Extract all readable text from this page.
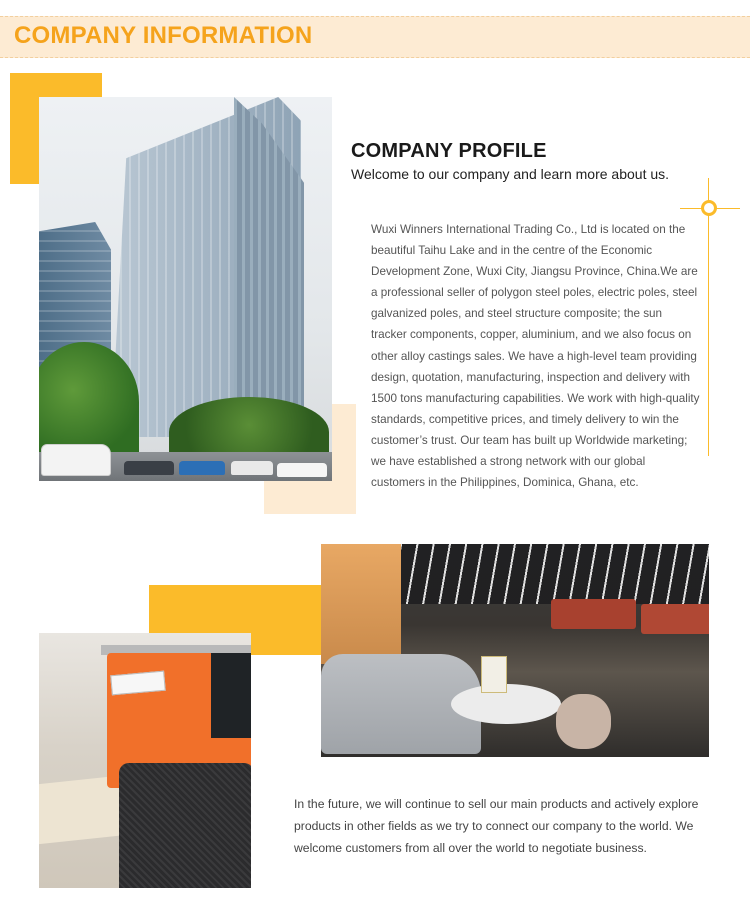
COMPANY INFORMATION
COMPANY PROFILE
Welcome to our company and learn more about us.
Wuxi Winners International Trading Co., Ltd is located on the beautiful Taihu Lake and in the centre of the Economic Development Zone, Wuxi City, Jiangsu Province, China.We are a professional seller of polygon steel poles, electric poles, steel galvanized poles, and steel structure composite; the sun tracker components, copper, aluminium, and we also focus on other alloy castings sales. We have a high-level team providing design, quotation, manufacturing, inspection and delivery with 1500 tons manufacturing capabilities. We work with high-quality standards, competitive prices, and timely delivery to win the customer’s trust. Our team has built up Worldwide marketing; we have established a strong network with our global customers in the Philippines, Dominica, Ghana, etc.
In the future, we will continue to sell our main products and actively explore products in other fields as we try to connect our company to the world. We welcome customers from all over the world to negotiate business.
